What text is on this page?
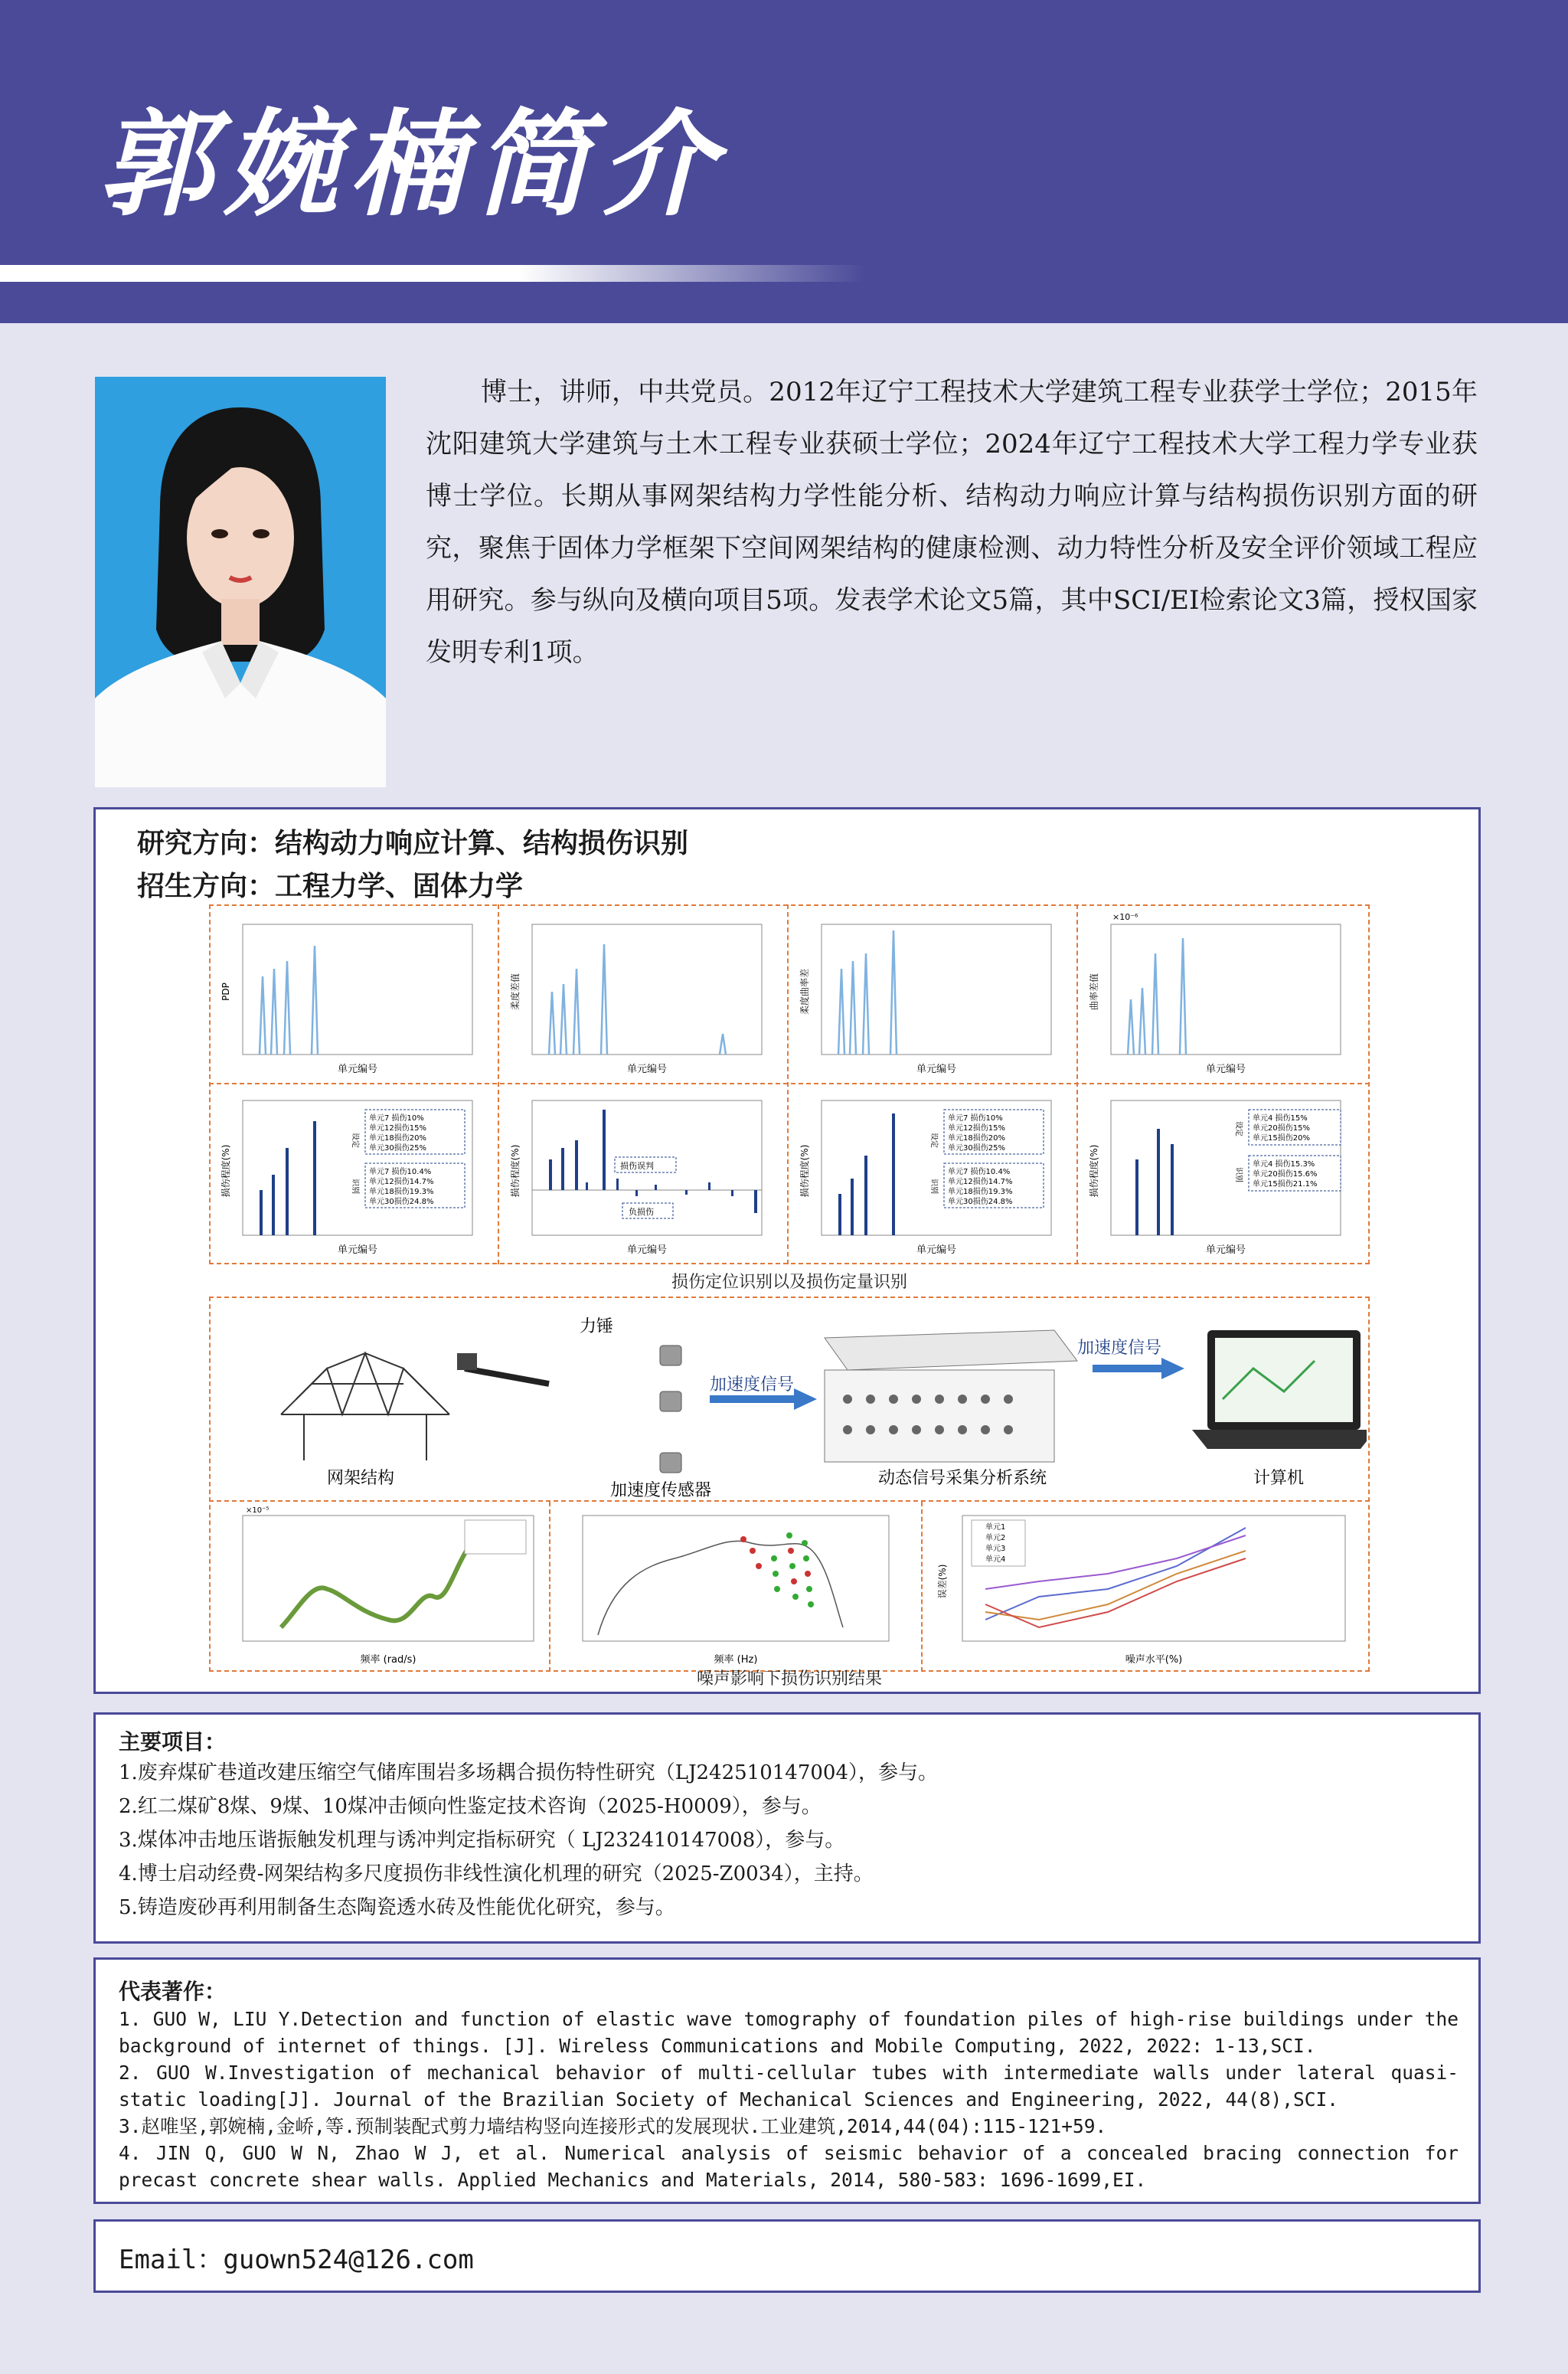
郭婉楠简介
博士，讲师，中共党员。2012年辽宁工程技术大学建筑工程专业获学士学位；2015年沈阳建筑大学建筑与土木工程专业获硕士学位；2024年辽宁工程技术大学工程力学专业获博士学位。长期从事网架结构力学性能分析、结构动力响应计算与结构损伤识别方面的研究，聚焦于固体力学框架下空间网架结构的健康检测、动力特性分析及安全评价领域工程应用研究。参与纵向及横向项目5项。发表学术论文5篇，其中SCI/EI检索论文3篇，授权国家发明专利1项。
研究方向：结构动力响应计算、结构损伤识别
招生方向：工程力学、固体力学
单元编号
PDP
单元编号
柔度差值
单元编号
柔度曲率差
×10⁻⁶
单元编号
曲率差值
单元7 损伤10%
单元12损伤15%
单元18损伤20%
单元30损伤25%
设定
单元7 损伤10.4%
单元12损伤14.7%
单元18损伤19.3%
单元30损伤24.8%
识别
单元编号
损伤程度(%)	损伤误判
负损伤
单元编号
损伤程度(%)
单元7 损伤10%
单元12损伤15%
单元18损伤20%
单元30损伤25%
设定
单元7 损伤10.4%
单元12损伤14.7%
单元18损伤19.3%
单元30损伤24.8%
识别
单元编号
损伤程度(%)
单元4 损伤15%
单元20损伤15%
单元15损伤20%
设定
单元4 损伤15.3%
单元20损伤15.6%
单元15损伤21.1%
识别
单元编号
损伤程度(%)
损伤定位识别以及损伤定量识别
网架结构
力锤
加速度传感器
加速度信号
动态信号采集分析系统
加速度信号
计算机
×10⁻⁵
频率 (rad/s)	频率 (Hz)
单元1
单元2
单元3
单元4
噪声水平(%)
误差(%)
噪声影响下损伤识别结果
主要项目：
1.废弃煤矿巷道改建压缩空气储库围岩多场耦合损伤特性研究（LJ242510147004），参与。
2.红二煤矿8煤、9煤、10煤冲击倾向性鉴定技术咨询（2025-H0009），参与。
3.煤体冲击地压谐振触发机理与诱冲判定指标研究（ LJ232410147008），参与。
4.博士启动经费-网架结构多尺度损伤非线性演化机理的研究（2025-Z0034），主持。
5.铸造废砂再利用制备生态陶瓷透水砖及性能优化研究，参与。
代表著作：
1. GUO W, LIU Y.Detection and function of elastic wave tomography of foundation piles of high-rise buildings under the background of internet of things. [J]. Wireless Communications and Mobile Computing, 2022, 2022: 1-13,SCI.
2. GUO W.Investigation of mechanical behavior of multi-cellular tubes with intermediate walls under lateral quasi-static loading[J]. Journal of the Brazilian Society of Mechanical Sciences and Engineering, 2022, 44(8),SCI.
3.赵唯坚,郭婉楠,金峤,等.预制装配式剪力墙结构竖向连接形式的发展现状.工业建筑,2014,44(04):115-121+59.
4. JIN Q, GUO W N, Zhao W J, et al. Numerical analysis of seismic behavior of a concealed bracing connection for precast concrete shear walls. Applied Mechanics and Materials, 2014, 580-583: 1696-1699,EI.
Email：guown524@126.com
